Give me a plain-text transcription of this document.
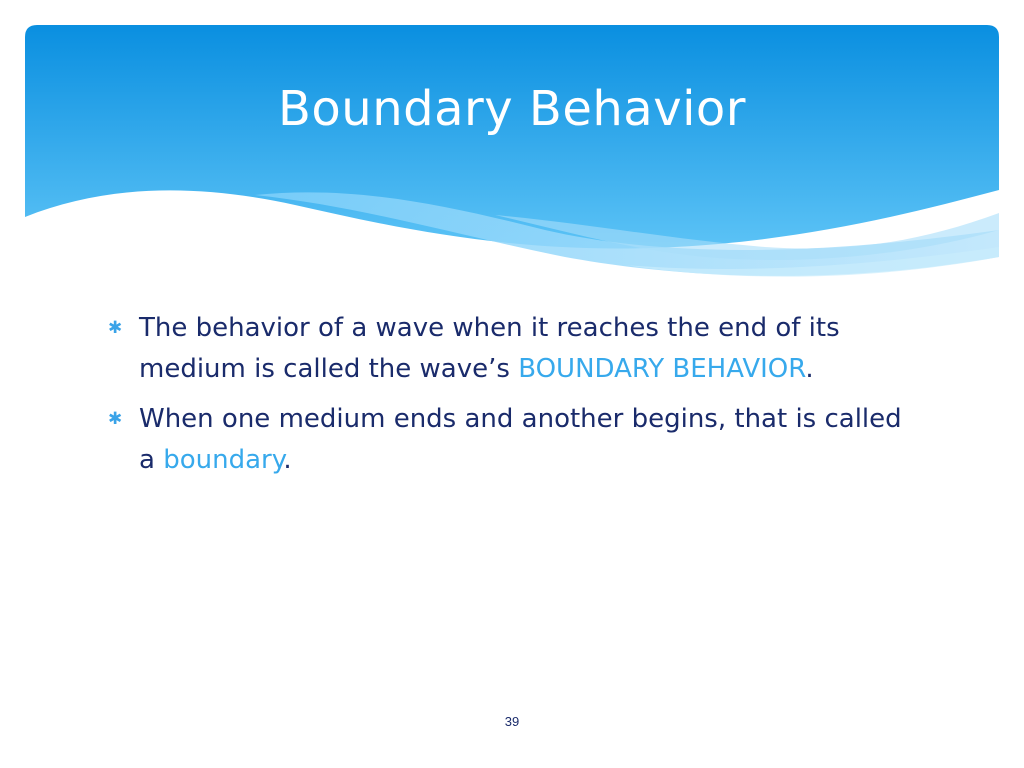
Boundary Behavior
✱ The behavior of a wave when it reaches the end of its medium is called the wave’s BOUNDARY BEHAVIOR.
✱ When one medium ends and another begins, that is called a boundary.
39
